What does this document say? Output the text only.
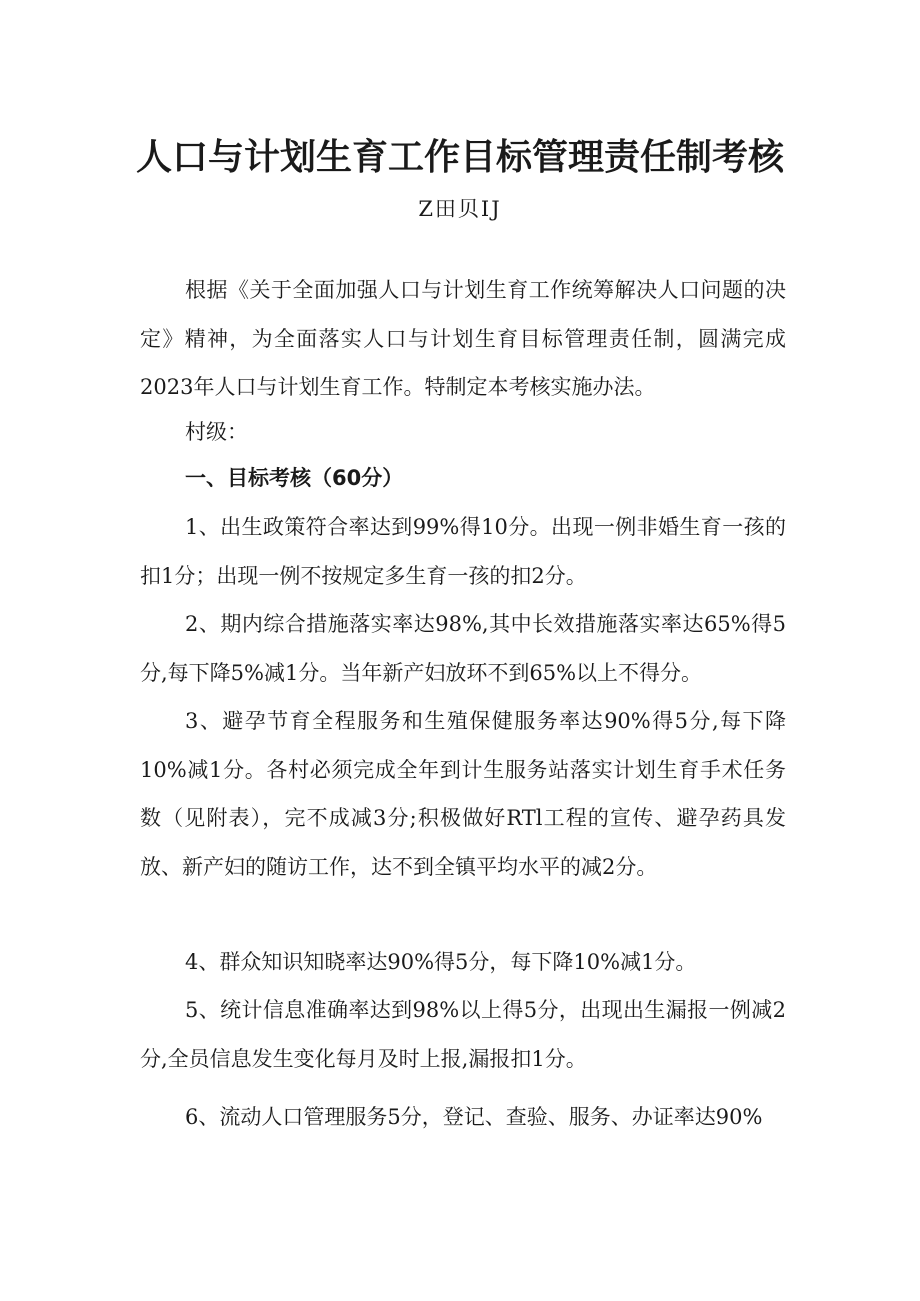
人口与计划生育工作目标管理责任制考核

Z田贝IJ

根据《关于全面加强人口与计划生育工作统筹解决人口问题的决定》精神，为全面落实人口与计划生育目标管理责任制，圆满完成2023年人口与计划生育工作。特制定本考核实施办法。

村级：

一、目标考核（60分）

1、出生政策符合率达到99%得10分。出现一例非婚生育一孩的扣1分；出现一例不按规定多生育一孩的扣2分。

2、期内综合措施落实率达98%,其中长效措施落实率达65%得5分,每下降5%减1分。当年新产妇放环不到65%以上不得分。

3、避孕节育全程服务和生殖保健服务率达90%得5分,每下降10%减1分。各村必须完成全年到计生服务站落实计划生育手术任务数（见附表），完不成减3分;积极做好RTl工程的宣传、避孕药具发放、新产妇的随访工作，达不到全镇平均水平的减2分。

4、群众知识知晓率达90%得5分，每下降10%减1分。

5、统计信息准确率达到98%以上得5分，出现出生漏报一例减2分,全员信息发生变化每月及时上报,漏报扣1分。

6、流动人口管理服务5分，登记、查验、服务、办证率达90%
